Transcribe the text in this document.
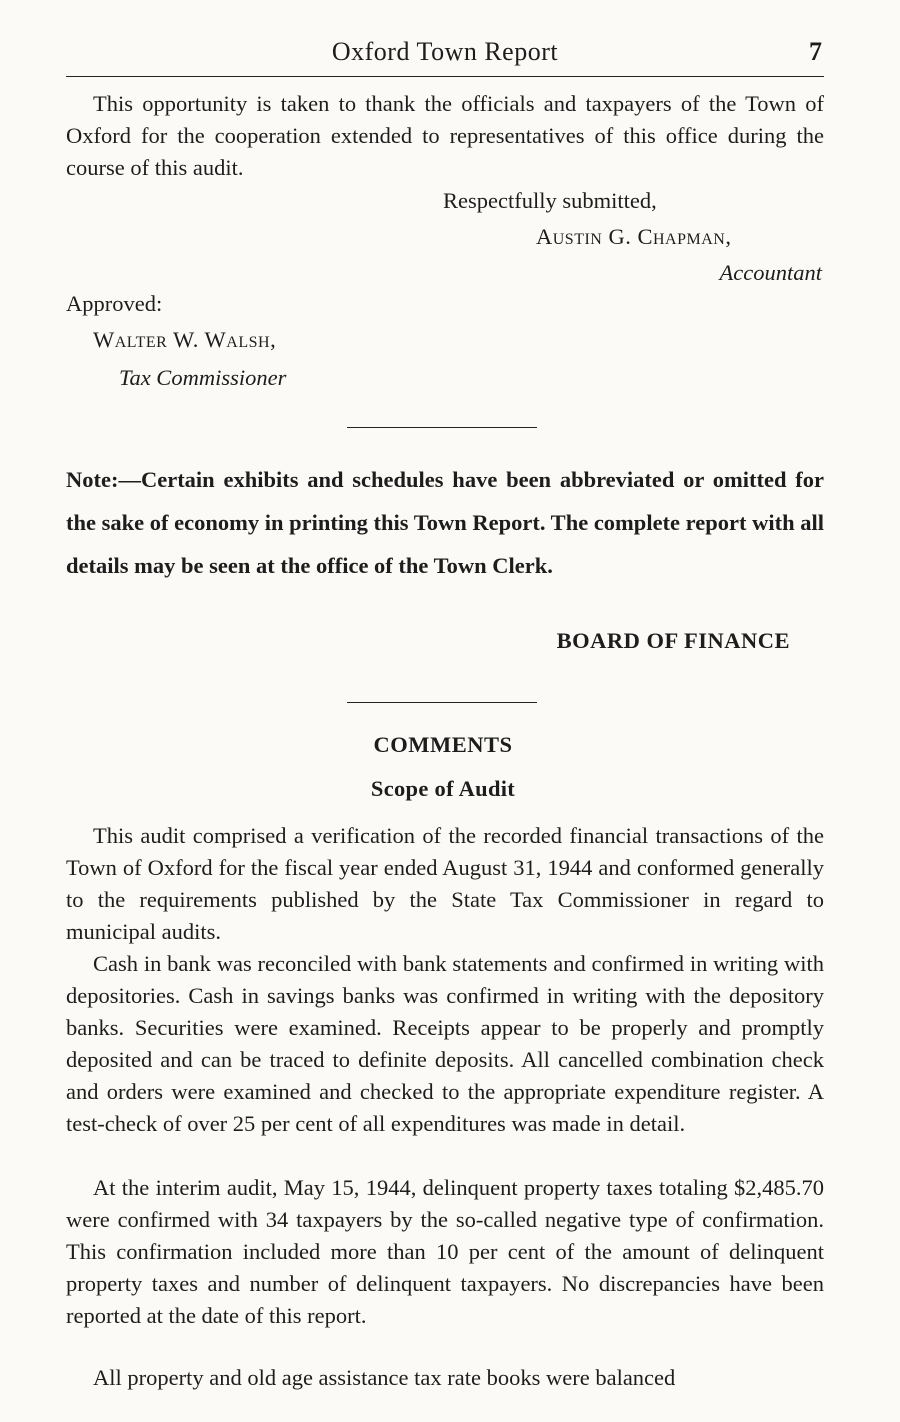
Oxford Town Report	7

This opportunity is taken to thank the officials and taxpayers of the Town of Oxford for the cooperation extended to representatives of this office during the course of this audit.

Respectfully submitted,
Austin G. Chapman,
Accountant
Approved:
Walter W. Walsh,
Tax Commissioner

Note:—Certain exhibits and schedules have been abbreviated or omitted for the sake of economy in printing this Town Report. The complete report with all details may be seen at the office of the Town Clerk.

BOARD OF FINANCE
COMMENTS
Scope of Audit

This audit comprised a verification of the recorded financial transactions of the Town of Oxford for the fiscal year ended August 31, 1944 and conformed generally to the requirements published by the State Tax Commissioner in regard to municipal audits.

Cash in bank was reconciled with bank statements and confirmed in writing with depositories. Cash in savings banks was confirmed in writing with the depository banks. Securities were examined. Receipts appear to be properly and promptly deposited and can be traced to definite deposits. All cancelled combination check and orders were examined and checked to the appropriate expenditure register. A test-check of over 25 per cent of all expenditures was made in detail.

At the interim audit, May 15, 1944, delinquent property taxes totaling $2,485.70 were confirmed with 34 taxpayers by the so-called negative type of confirmation. This confirmation included more than 10 per cent of the amount of delinquent property taxes and number of delinquent taxpayers. No discrepancies have been reported at the date of this report.

All property and old age assistance tax rate books were balanced
